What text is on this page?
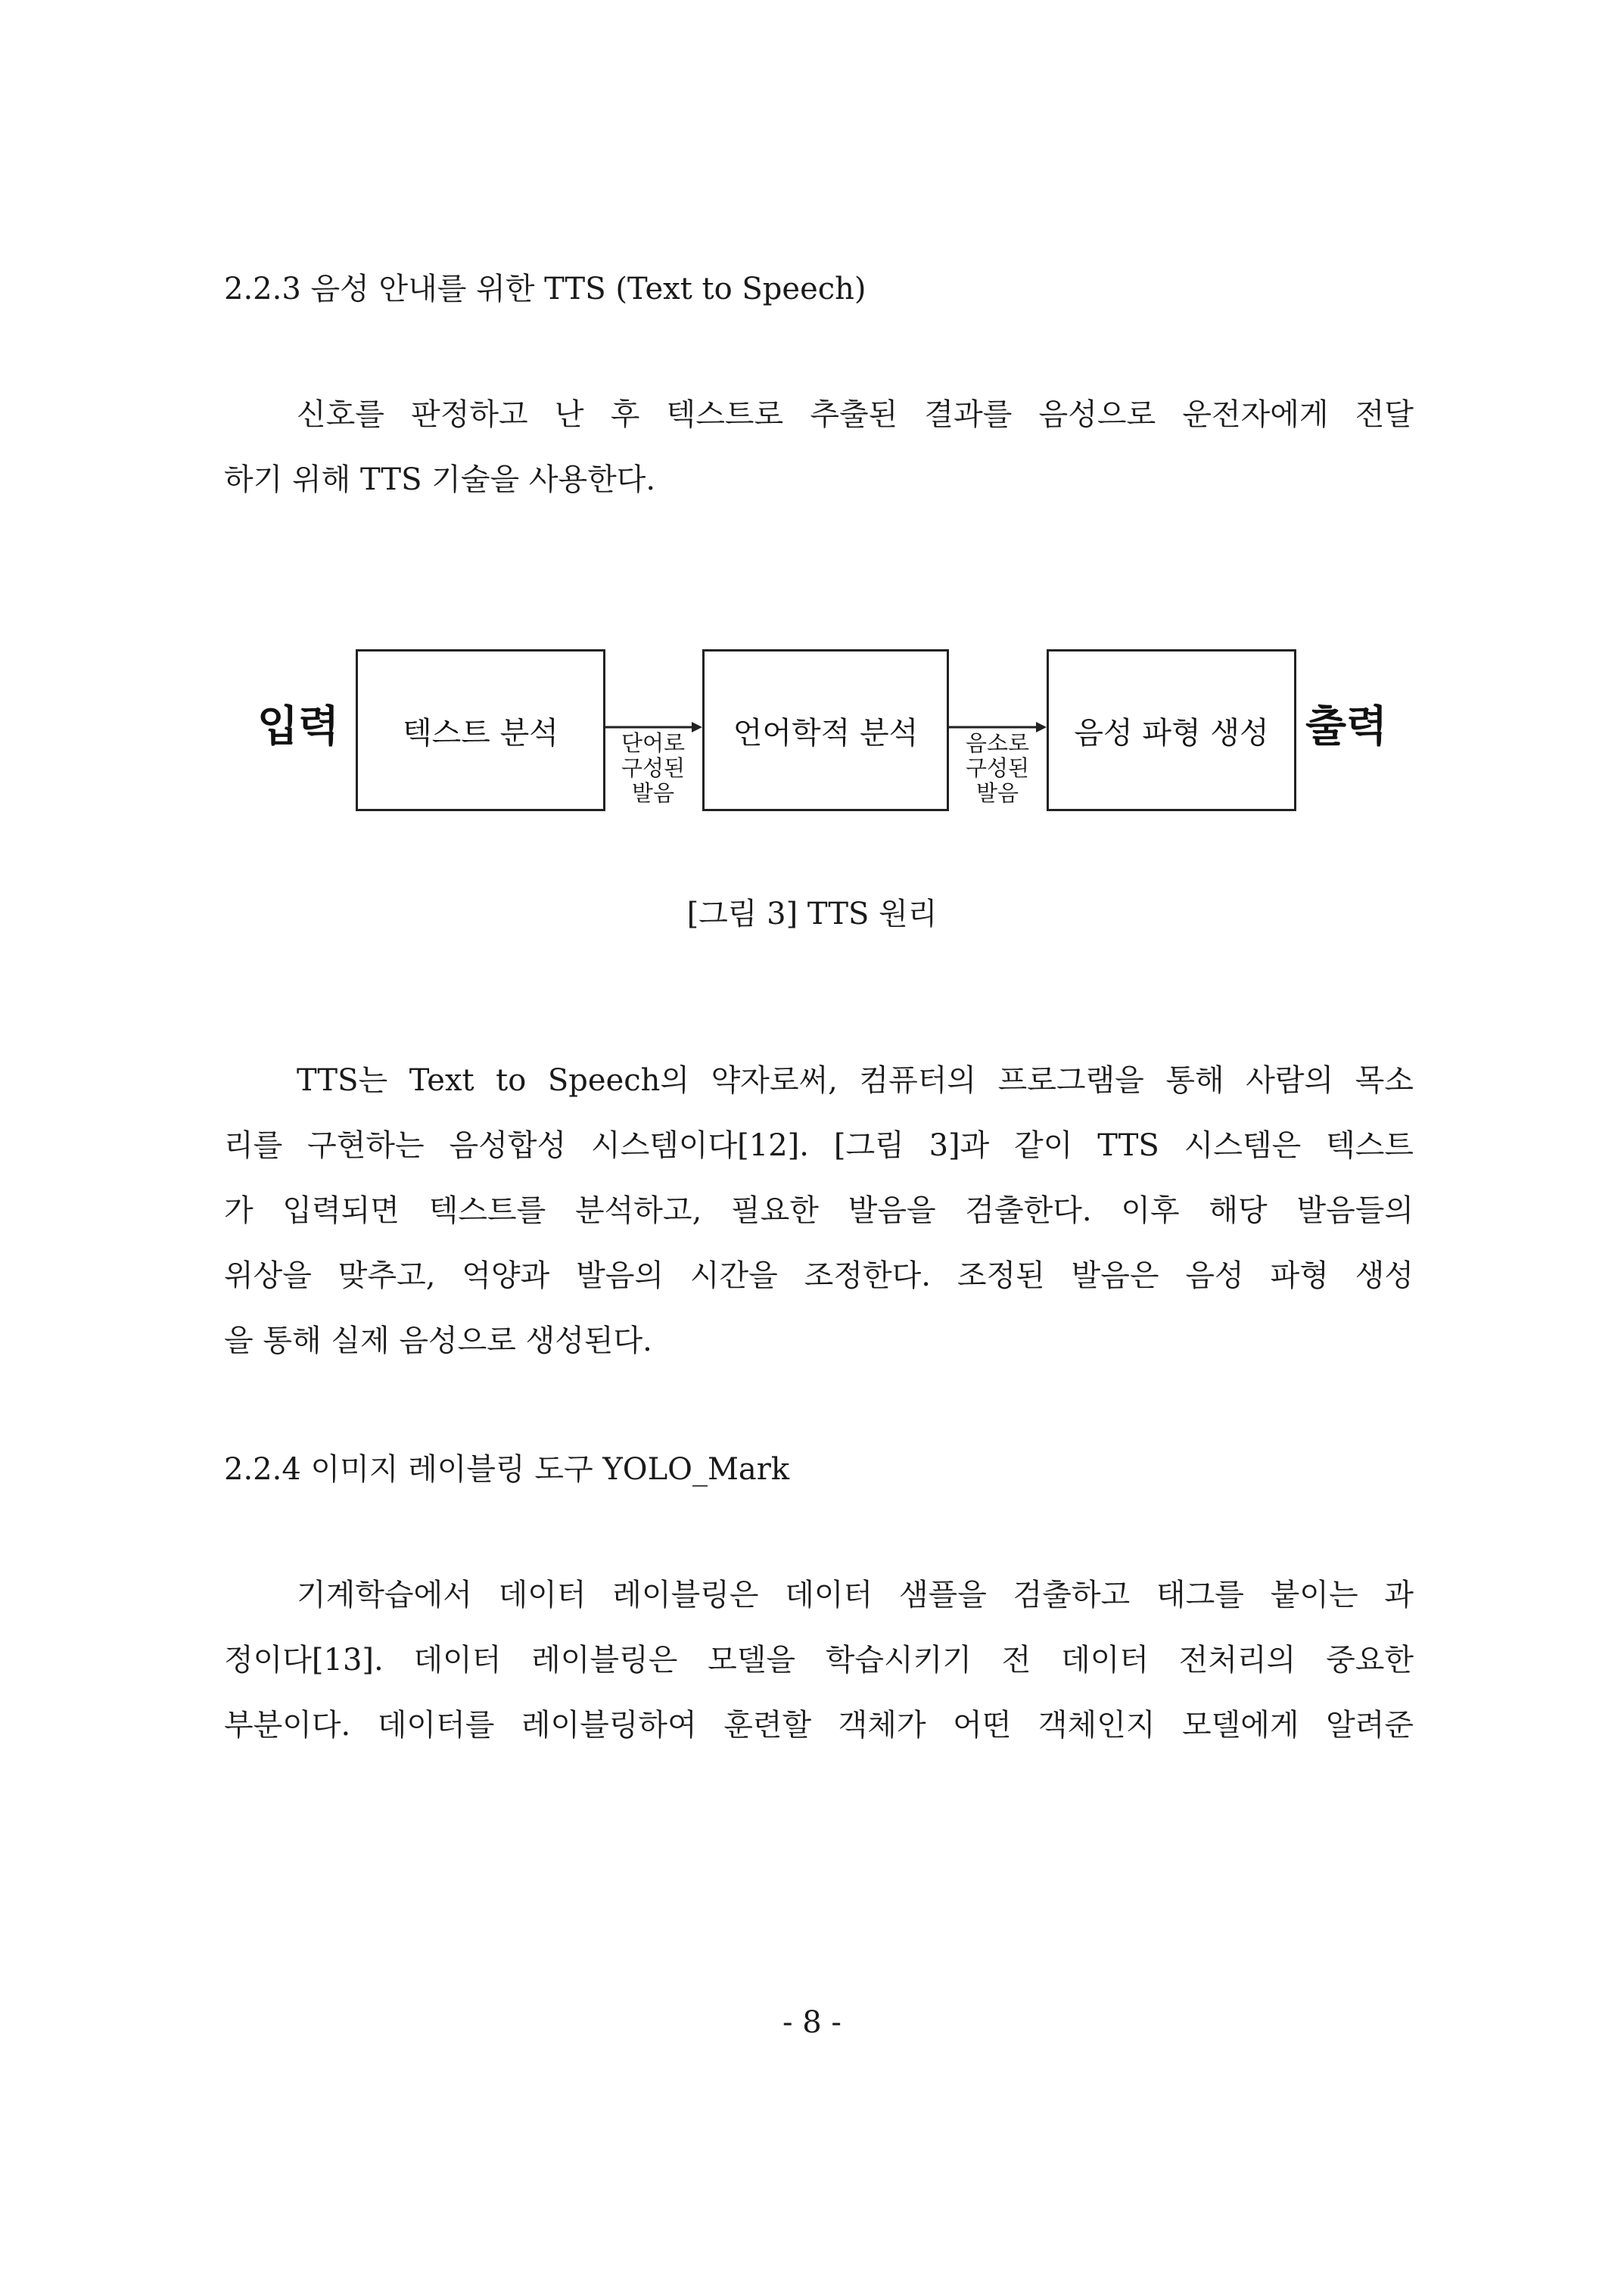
2.2.3 음성 안내를 위한 TTS (Text to Speech)
신호를 판정하고 난 후 텍스트로 추출된 결과를 음성으로 운전자에게 전달
하기 위해 TTS 기술을 사용한다.
입력 텍스트 분석	언어학적 분석	음성 파형 생성 출력
단어로
구성된
발음
음소로
구성된
발음
[그림 3] TTS 원리
TTS는 Text to Speech의 약자로써, 컴퓨터의 프로그램을 통해 사람의 목소
리를 구현하는 음성합성 시스템이다[12]. [그림 3]과 같이 TTS 시스템은 텍스트
가 입력되면 텍스트를 분석하고, 필요한 발음을 검출한다. 이후 해당 발음들의
위상을 맞추고, 억양과 발음의 시간을 조정한다. 조정된 발음은 음성 파형 생성
을 통해 실제 음성으로 생성된다.
2.2.4 이미지 레이블링 도구 YOLO_Mark
기계학습에서 데이터 레이블링은 데이터 샘플을 검출하고 태그를 붙이는 과
정이다[13]. 데이터 레이블링은 모델을 학습시키기 전 데이터 전처리의 중요한
부분이다. 데이터를 레이블링하여 훈련할 객체가 어떤 객체인지 모델에게 알려준
- 8 -
